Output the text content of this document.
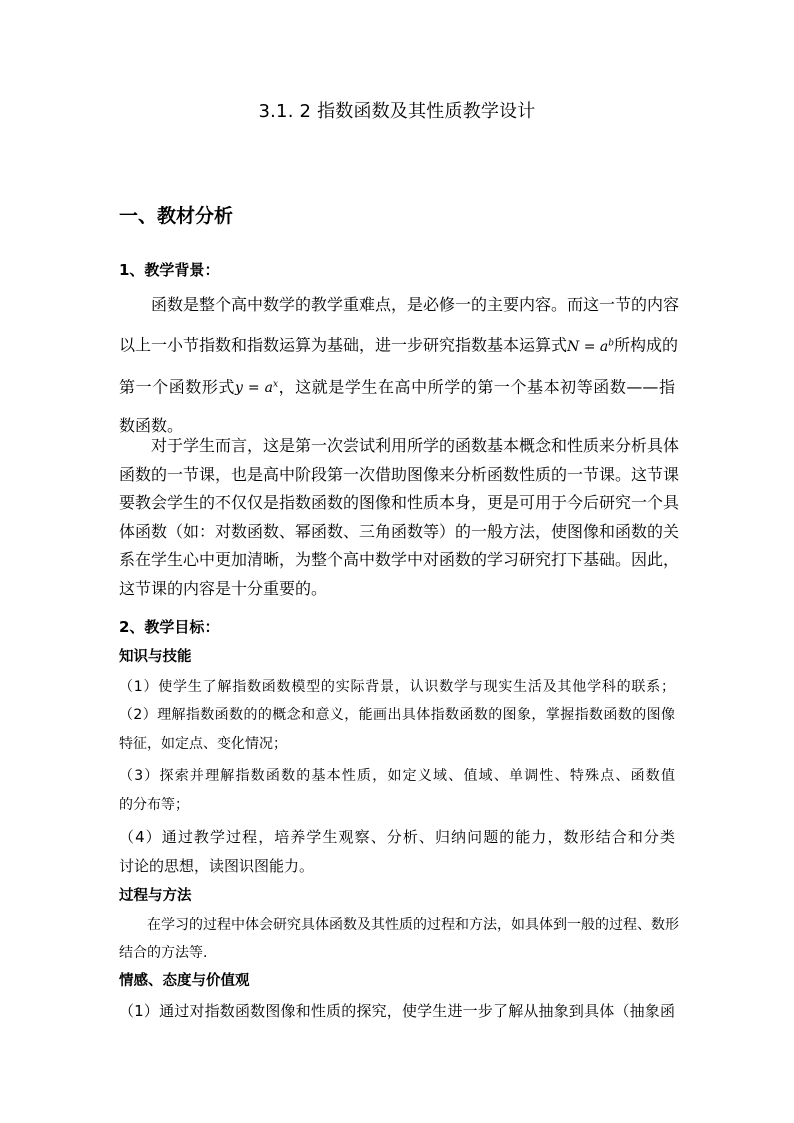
3.1. 2 指数函数及其性质教学设计
一、教材分析
1、教学背景：
函数是整个高中数学的教学重难点，是必修一的主要内容。而这一节的内容
以上一小节指数和指数运算为基础，进一步研究指数基本运算式$N = a^b$所构成的
第一个函数形式$y = a^x$，这就是学生在高中所学的第一个基本初等函数——指
数函数。
对于学生而言，这是第一次尝试利用所学的函数基本概念和性质来分析具体
函数的一节课，也是高中阶段第一次借助图像来分析函数性质的一节课。这节课
要教会学生的不仅仅是指数函数的图像和性质本身，更是可用于今后研究一个具
体函数（如：对数函数、幂函数、三角函数等）的一般方法，使图像和函数的关
系在学生心中更加清晰，为整个高中数学中对函数的学习研究打下基础。因此，
这节课的内容是十分重要的。
2、教学目标：
知识与技能
（1）使学生了解指数函数模型的实际背景，认识数学与现实生活及其他学科的联系；
（2）理解指数函数的的概念和意义，能画出具体指数函数的图象，掌握指数函数的图像
特征，如定点、变化情况；
（3）探索并理解指数函数的基本性质，如定义域、值域、单调性、特殊点、函数值
的分布等；
（4）通过教学过程，培养学生观察、分析、归纳问题的能力，数形结合和分类
讨论的思想，读图识图能力。
过程与方法
在学习的过程中体会研究具体函数及其性质的过程和方法，如具体到一般的过程、数形
结合的方法等.
情感、态度与价值观
（1）通过对指数函数图像和性质的探究，使学生进一步了解从抽象到具体（抽象函
